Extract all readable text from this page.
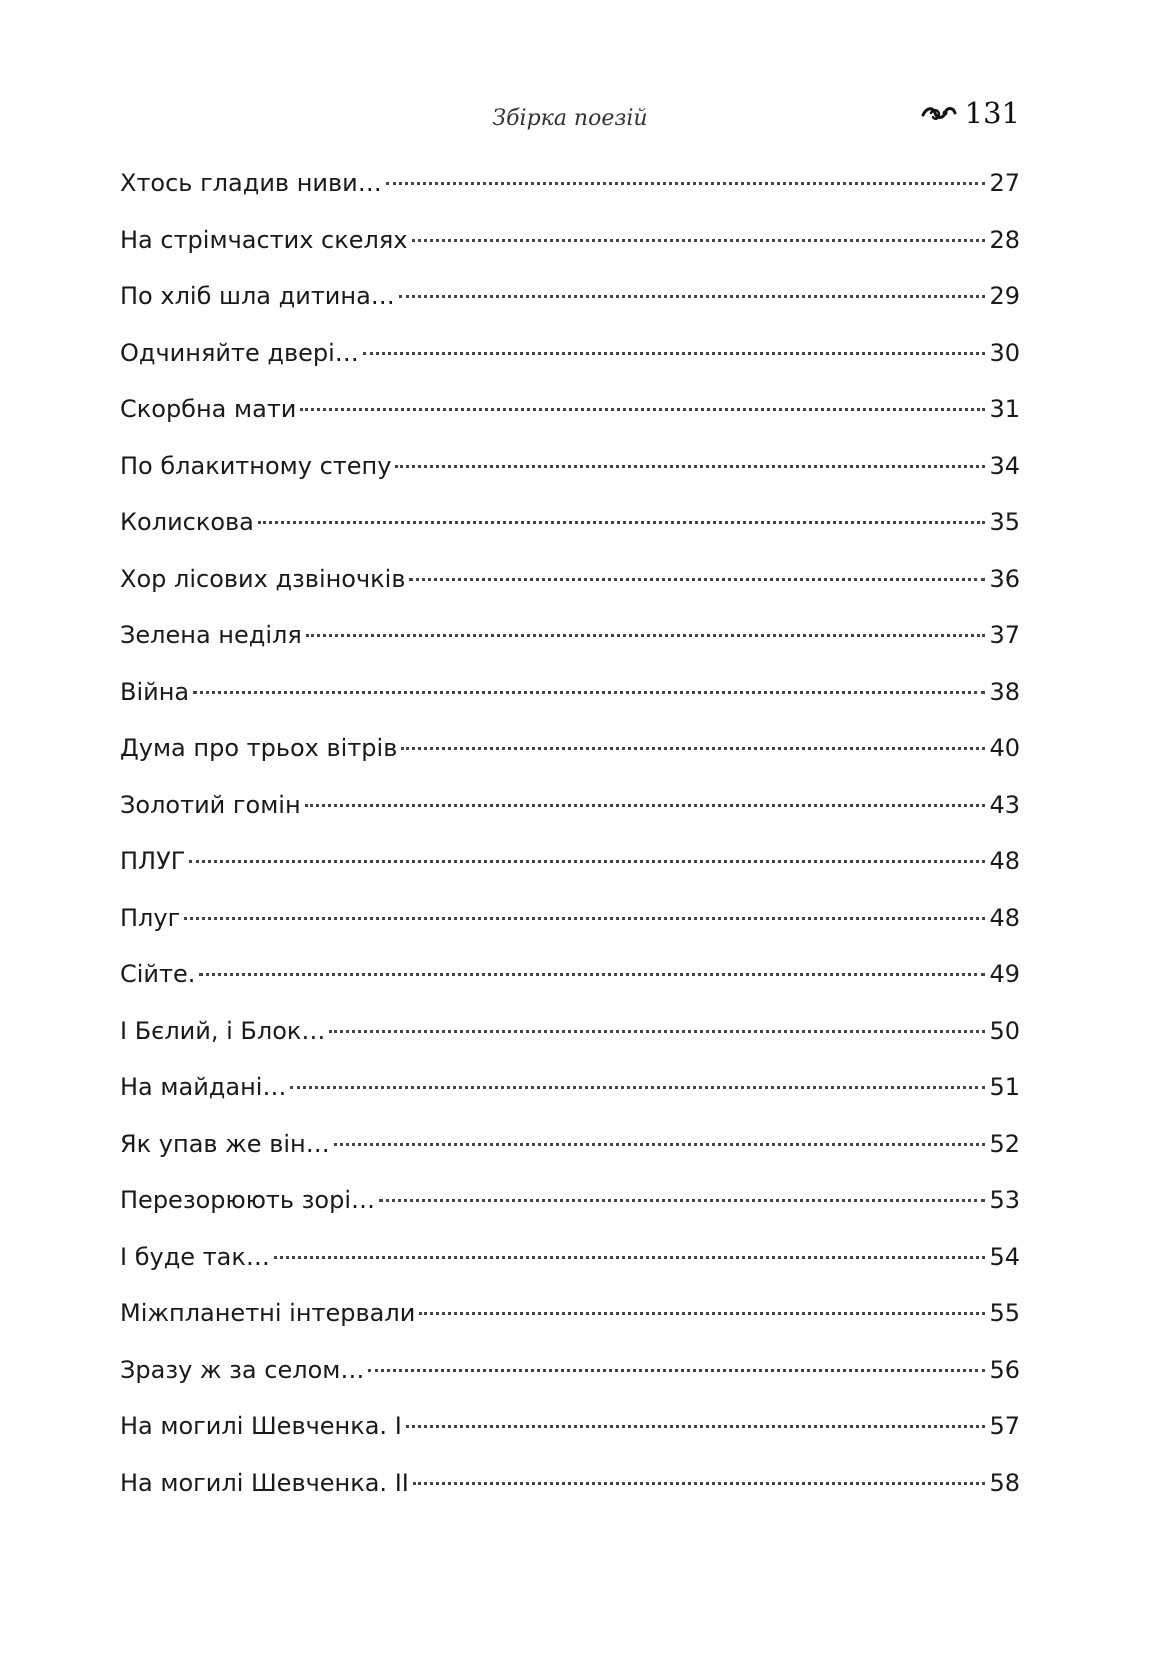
Збірка поезій	131
Хтось гладив ниви…	27
На стрімчастих скелях	28
По хліб шла дитина…	29
Одчиняйте двері…	30
Скорбна мати	31
По блакитному степу	34
Колискова	35
Хор лісових дзвіночків	36
Зелена неділя	37
Війна	38
Дума про трьох вітрів	40
Золотий гомін	43
ПЛУГ	48
Плуг	48
Сійте.	49
І Бєлий, і Блок…	50
На майдані…	51
Як упав же він…	52
Перезорюють зорі…	53
І буде так…	54
Міжпланетні інтервали	55
Зразу ж за селом…	56
На могилі Шевченка. I	57
На могилі Шевченка. II	58
